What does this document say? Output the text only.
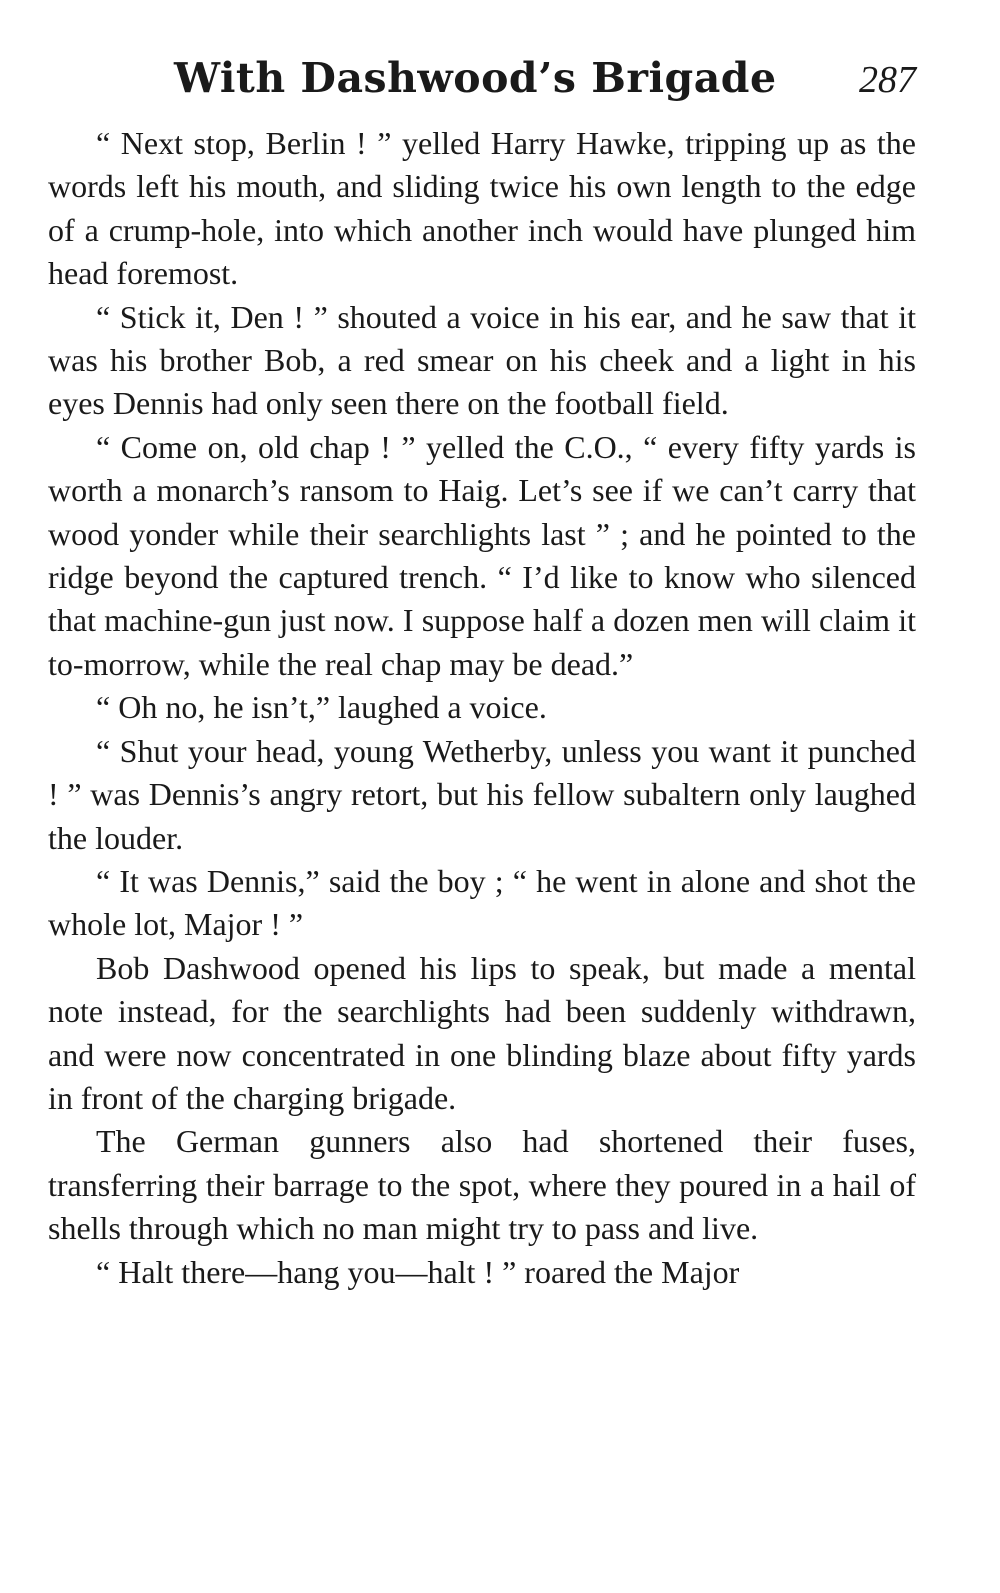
With Dashwood’s Brigade 287

“ Next stop, Berlin ! ” yelled Harry Hawke, tripping up as the words left his mouth, and sliding twice his own length to the edge of a crump-hole, into which another inch would have plunged him head foremost.

“ Stick it, Den ! ” shouted a voice in his ear, and he saw that it was his brother Bob, a red smear on his cheek and a light in his eyes Dennis had only seen there on the football field.

“ Come on, old chap ! ” yelled the C.O., “ every fifty yards is worth a monarch’s ransom to Haig. Let’s see if we can’t carry that wood yonder while their searchlights last ” ; and he pointed to the ridge beyond the captured trench. “ I’d like to know who silenced that machine-gun just now. I suppose half a dozen men will claim it to-morrow, while the real chap may be dead.”

“ Oh no, he isn’t,” laughed a voice.

“ Shut your head, young Wetherby, unless you want it punched ! ” was Dennis’s angry retort, but his fellow subaltern only laughed the louder.

“ It was Dennis,” said the boy ; “ he went in alone and shot the whole lot, Major ! ”

Bob Dashwood opened his lips to speak, but made a mental note instead, for the searchlights had been suddenly withdrawn, and were now concentrated in one blinding blaze about fifty yards in front of the charging brigade.

The German gunners also had shortened their fuses, transferring their barrage to the spot, where they poured in a hail of shells through which no man might try to pass and live.

“ Halt there—hang you—halt ! ” roared the Major
